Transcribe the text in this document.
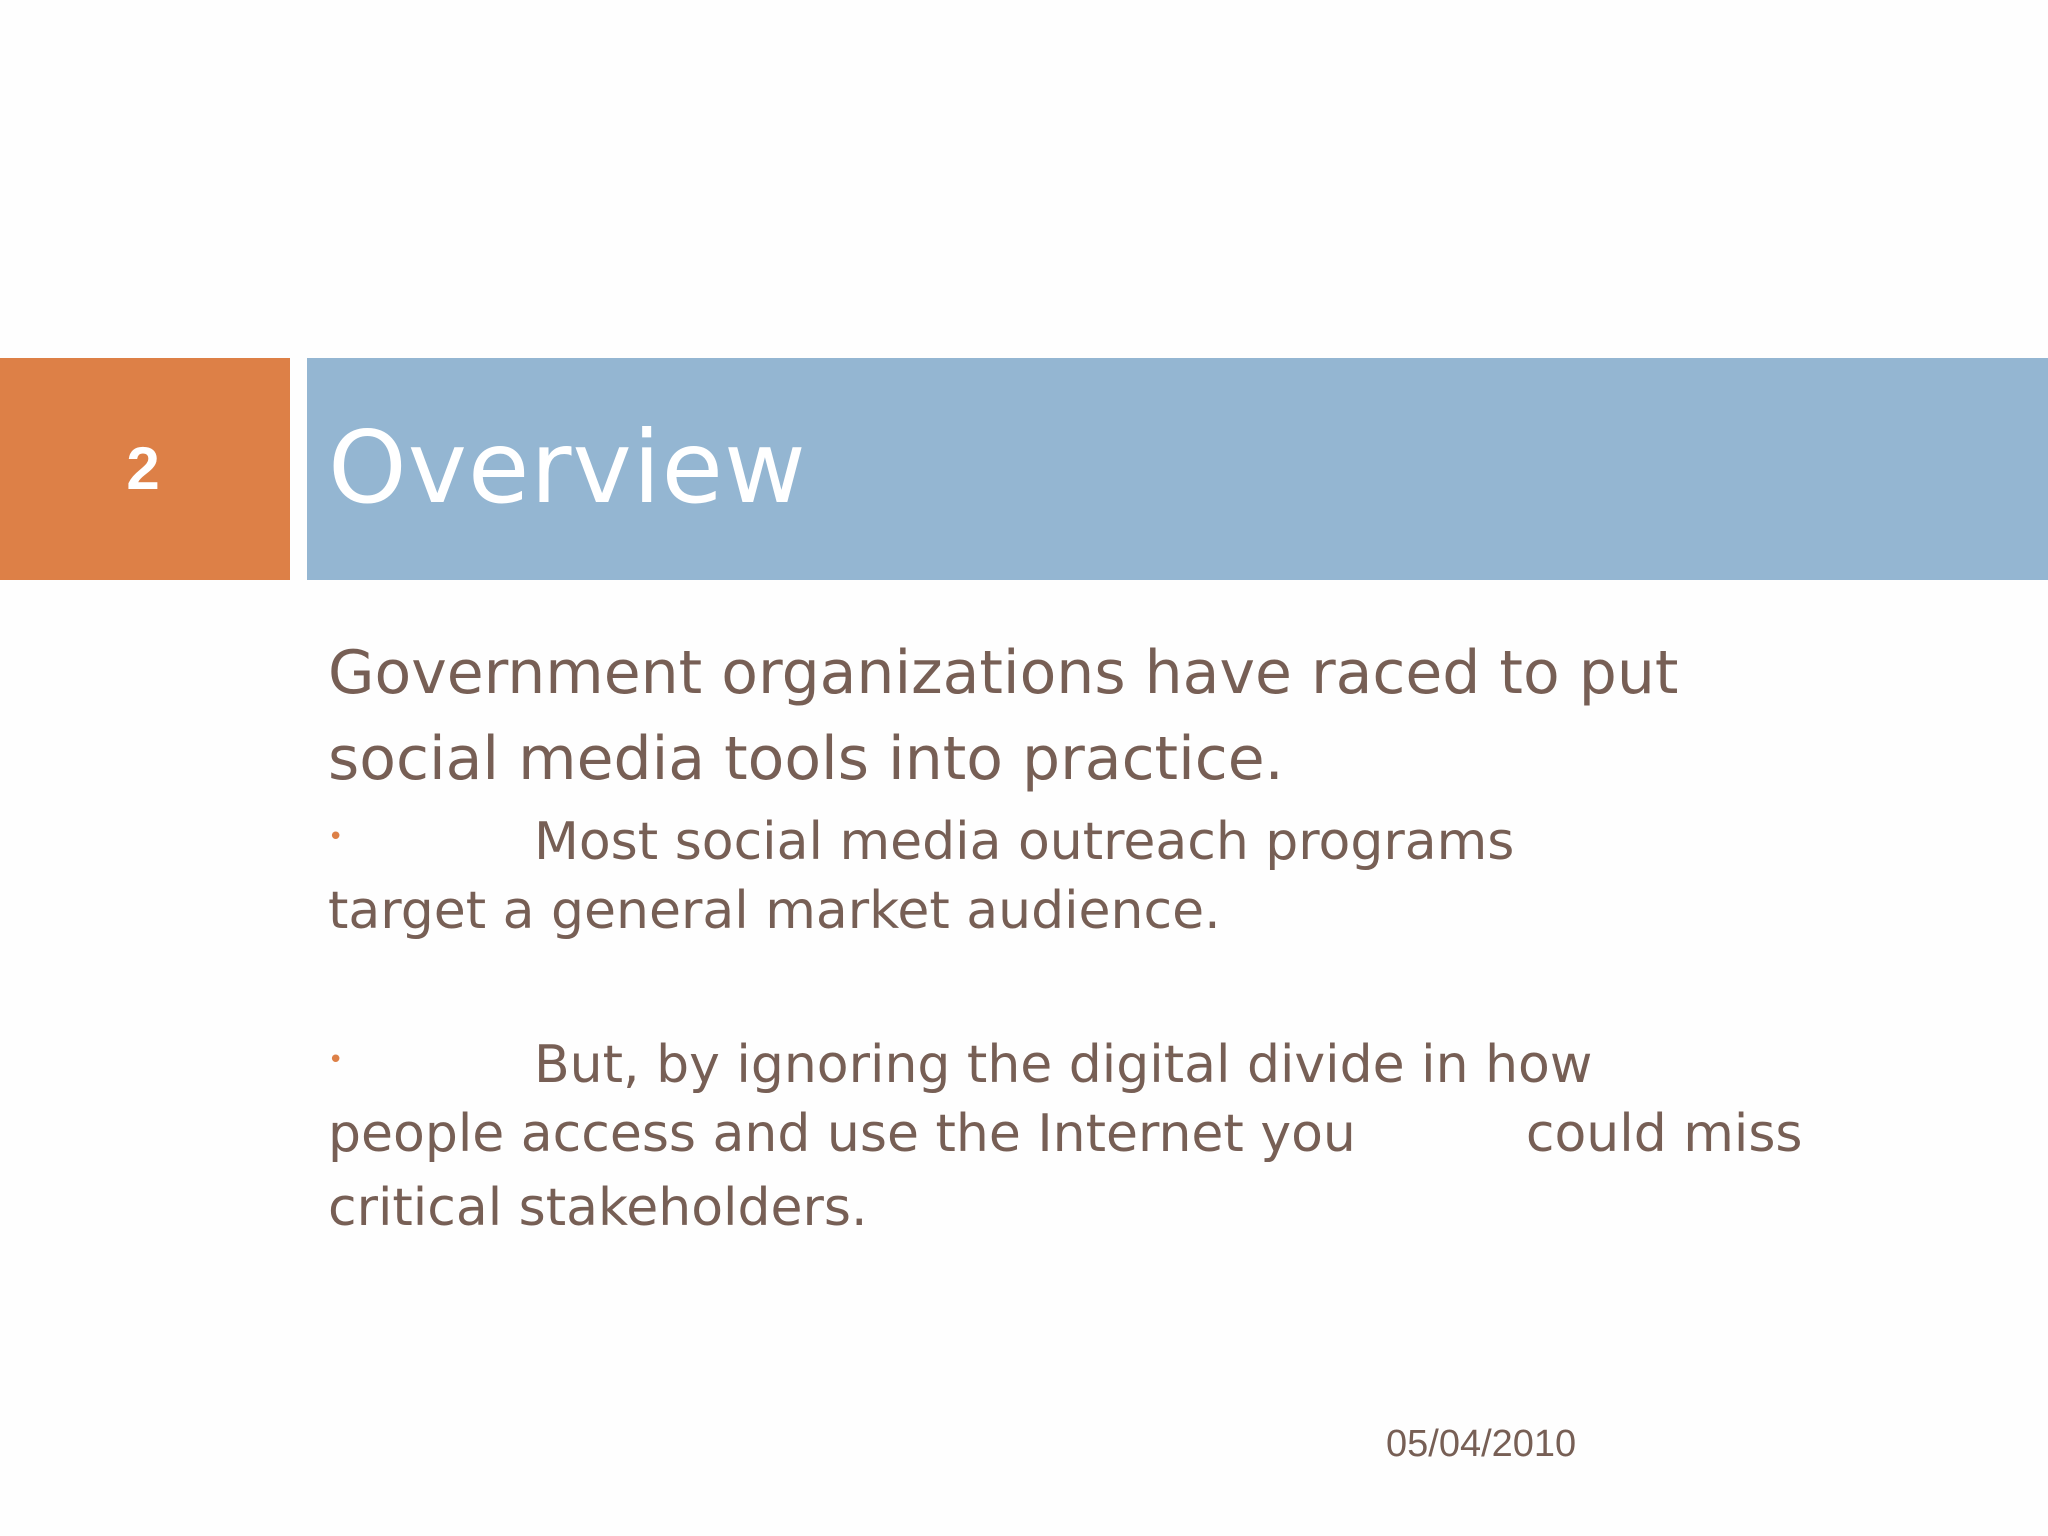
2	Overview
Government organizations have raced to put
social media tools into practice.
•	Most social media outreach programs
target a general market audience.
•	But, by ignoring the digital divide in how
people access and use the Internet you	could miss
critical stakeholders.
05/04/2010
